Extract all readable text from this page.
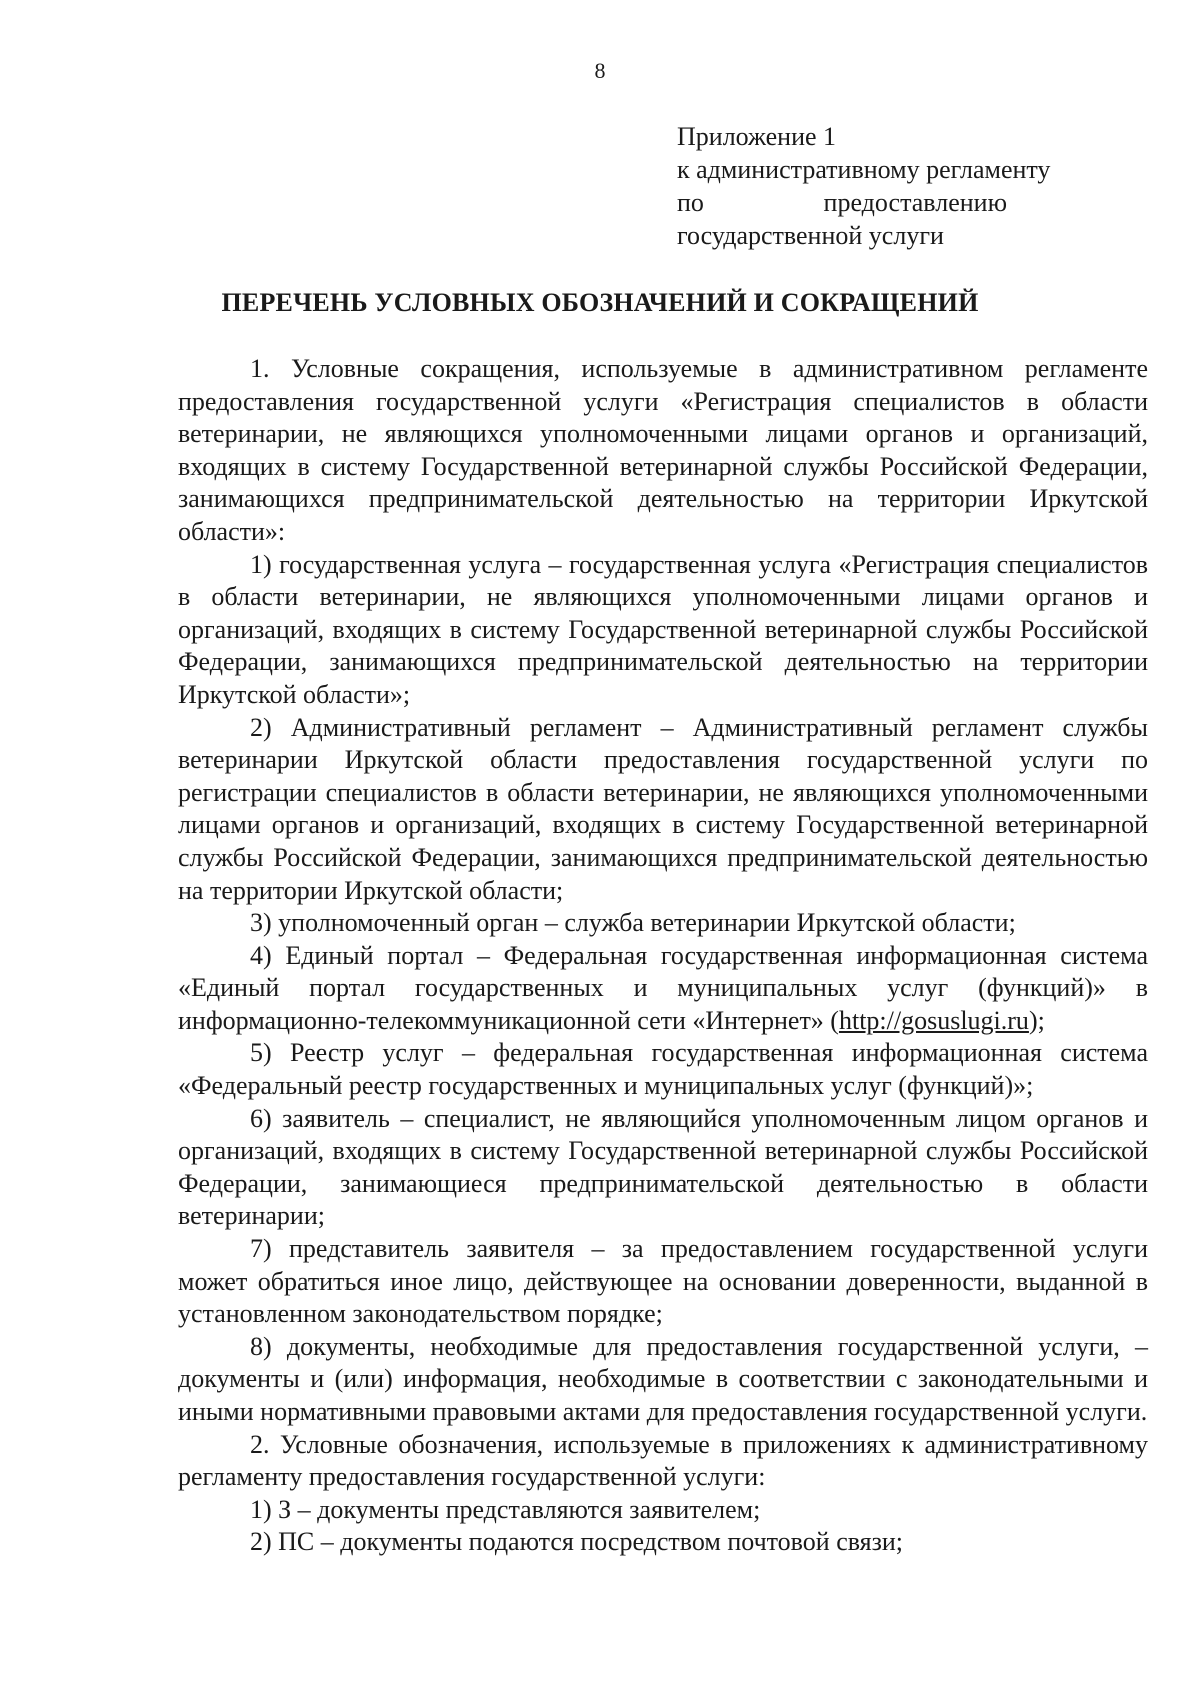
8
Приложение 1
к административному регламенту
по	предоставлению
государственной услуги
ПЕРЕЧЕНЬ УСЛОВНЫХ ОБОЗНАЧЕНИЙ И СОКРАЩЕНИЙ

1. Условные сокращения, используемые в административном регламенте предоставления государственной услуги «Регистрация специалистов в области ветеринарии, не являющихся уполномоченными лицами органов и организаций, входящих в систему Государственной ветеринарной службы Российской Федерации, занимающихся предпринимательской деятельностью на территории Иркутской области»:

1) государственная услуга – государственная услуга «Регистрация специалистов в области ветеринарии, не являющихся уполномоченными лицами органов и организаций, входящих в систему Государственной ветеринарной службы Российской Федерации, занимающихся предпринимательской деятельностью на территории Иркутской области»;

2) Административный регламент – Административный регламент службы ветеринарии Иркутской области предоставления государственной услуги по регистрации специалистов в области ветеринарии, не являющихся уполномоченными лицами органов и организаций, входящих в систему Государственной ветеринарной службы Российской Федерации, занимающихся предпринимательской деятельностью на территории Иркутской области;

3) уполномоченный орган – служба ветеринарии Иркутской области;

4) Единый портал – Федеральная государственная информационная система «Единый портал государственных и муниципальных услуг (функций)» в информационно-телекоммуникационной сети «Интернет» (http://gosuslugi.ru);

5) Реестр услуг – федеральная государственная информационная система «Федеральный реестр государственных и муниципальных услуг (функций)»;

6) заявитель – специалист, не являющийся уполномоченным лицом органов и организаций, входящих в систему Государственной ветеринарной службы Российской Федерации, занимающиеся предпринимательской деятельностью в области ветеринарии;

7) представитель заявителя – за предоставлением государственной услуги может обратиться иное лицо, действующее на основании доверенности, выданной в установленном законодательством порядке;

8) документы, необходимые для предоставления государственной услуги, – документы и (или) информация, необходимые в соответствии с законодательными и иными нормативными правовыми актами для предоставления государственной услуги.

2. Условные обозначения, используемые в приложениях к административному регламенту предоставления государственной услуги:

1) З – документы представляются заявителем;

2) ПС – документы подаются посредством почтовой связи;
